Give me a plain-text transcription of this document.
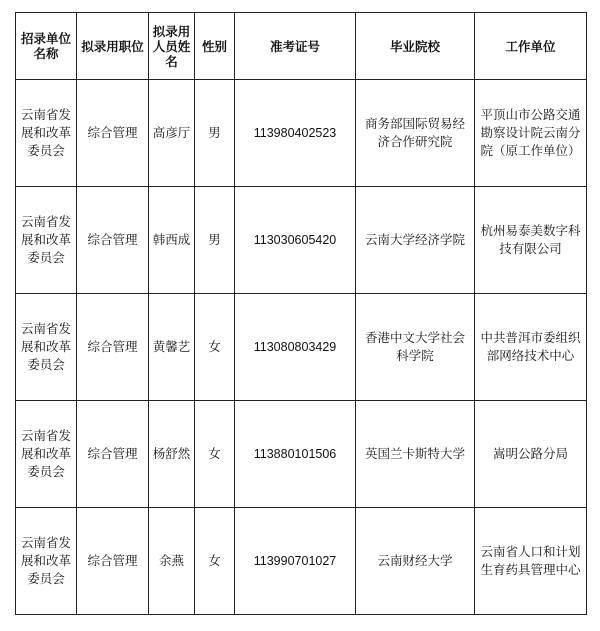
招录单位名称	拟录用职位	拟录用人员姓名	性别	准考证号	毕业院校	工作单位
云南省发展和改革委员会	综合管理	高彦厅	男	113980402523	商务部国际贸易经济合作研究院	平顶山市公路交通勘察设计院云南分院（原工作单位）
云南省发展和改革委员会	综合管理	韩西成	男	113030605420	云南大学经济学院	杭州易泰美数字科技有限公司
云南省发展和改革委员会	综合管理	黄馨艺	女	113080803429	香港中文大学社会科学院	中共普洱市委组织部网络技术中心
云南省发展和改革委员会	综合管理	杨舒然	女	113880101506	英国兰卡斯特大学	嵩明公路分局
云南省发展和改革委员会	综合管理	余燕	女	113990701027	云南财经大学	云南省人口和计划生育药具管理中心
